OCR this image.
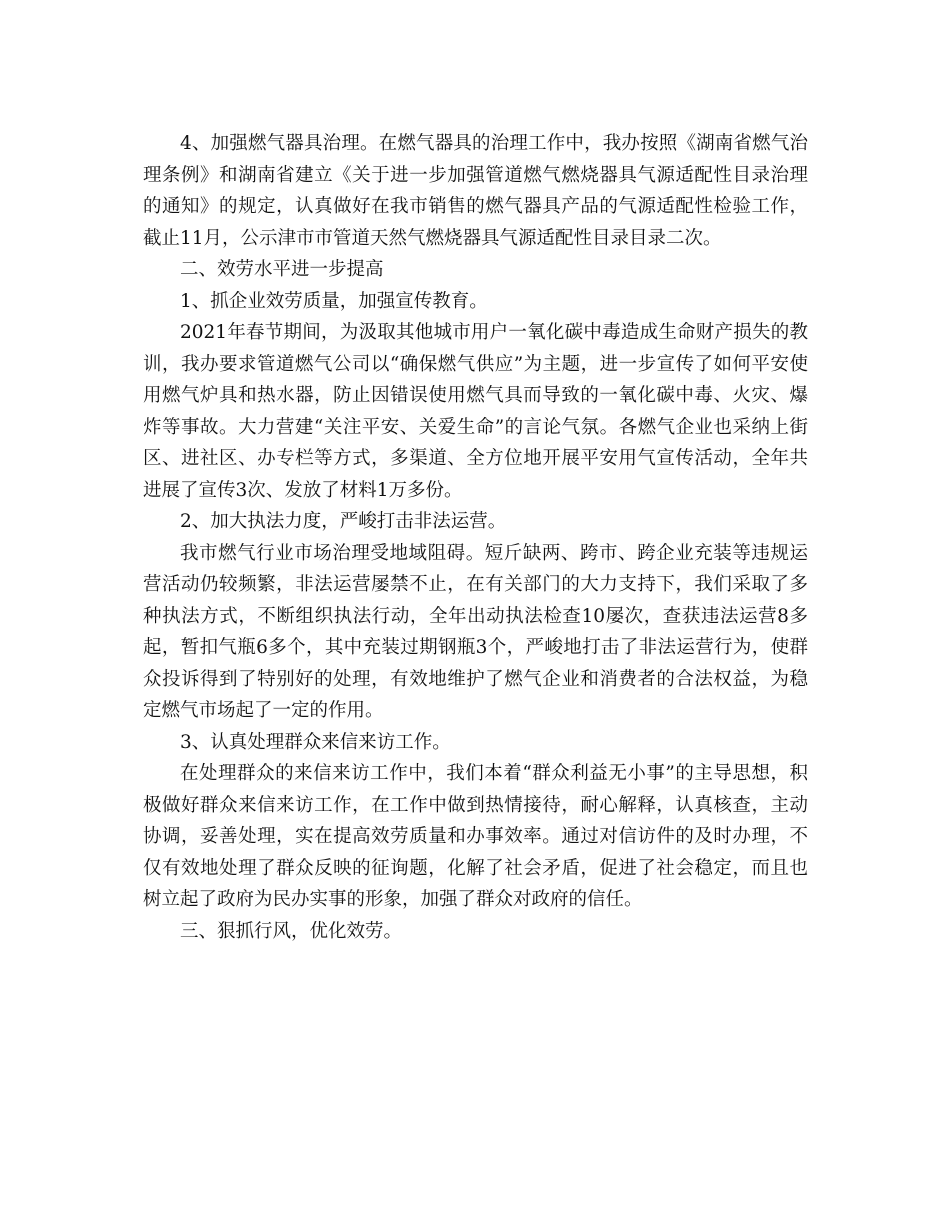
4、加强燃气器具治理。在燃气器具的治理工作中，我办按照《湖南省燃气治理条例》和湖南省建立《关于进一步加强管道燃气燃烧器具气源适配性目录治理的通知》的规定，认真做好在我市销售的燃气器具产品的气源适配性检验工作，截止11月，公示津市市管道天然气燃烧器具气源适配性目录目录二次。

二、效劳水平进一步提高

1、抓企业效劳质量，加强宣传教育。

2021年春节期间，为汲取其他城市用户一氧化碳中毒造成生命财产损失的教训，我办要求管道燃气公司以“确保燃气供应”为主题，进一步宣传了如何平安使用燃气炉具和热水器，防止因错误使用燃气具而导致的一氧化碳中毒、火灾、爆炸等事故。大力营建“关注平安、关爱生命”的言论气氛。各燃气企业也采纳上街区、进社区、办专栏等方式，多渠道、全方位地开展平安用气宣传活动，全年共进展了宣传3次、发放了材料1万多份。

2、加大执法力度，严峻打击非法运营。

我市燃气行业市场治理受地域阻碍。短斤缺两、跨市、跨企业充装等违规运营活动仍较频繁，非法运营屡禁不止，在有关部门的大力支持下，我们采取了多种执法方式，不断组织执法行动，全年出动执法检查10屡次，查获违法运营8多起，暂扣气瓶6多个，其中充装过期钢瓶3个，严峻地打击了非法运营行为，使群众投诉得到了特别好的处理，有效地维护了燃气企业和消费者的合法权益，为稳定燃气市场起了一定的作用。

3、认真处理群众来信来访工作。

在处理群众的来信来访工作中，我们本着“群众利益无小事”的主导思想，积极做好群众来信来访工作，在工作中做到热情接待，耐心解释，认真核查，主动协调，妥善处理，实在提高效劳质量和办事效率。通过对信访件的及时办理，不仅有效地处理了群众反映的征询题，化解了社会矛盾，促进了社会稳定，而且也树立起了政府为民办实事的形象，加强了群众对政府的信任。

三、狠抓行风，优化效劳。
